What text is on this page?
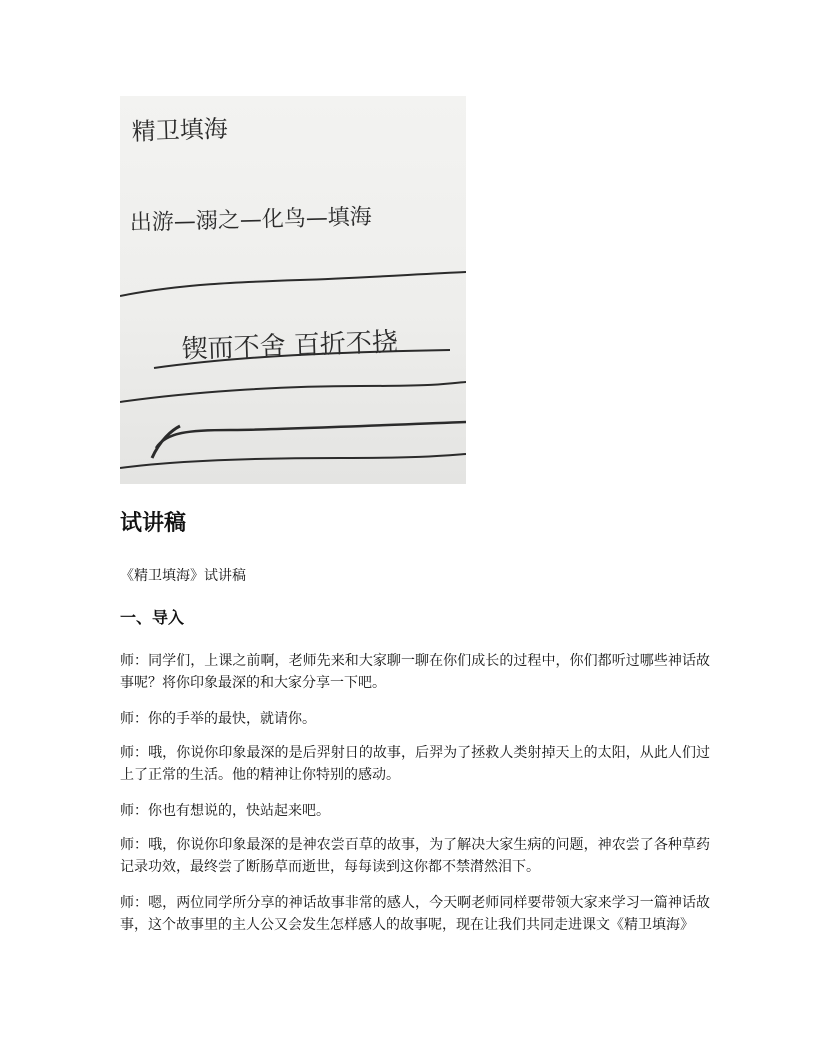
精卫填海
出游—溺之—化鸟—填海
锲而不舍 百折不挠
试讲稿

《精卫填海》试讲稿

一、导入

师：同学们，上课之前啊，老师先来和大家聊一聊在你们成长的过程中，你们都听过哪些神话故事呢？将你印象最深的和大家分享一下吧。

师：你的手举的最快，就请你。

师：哦，你说你印象最深的是后羿射日的故事，后羿为了拯救人类射掉天上的太阳，从此人们过上了正常的生活。他的精神让你特别的感动。

师：你也有想说的，快站起来吧。

师：哦，你说你印象最深的是神农尝百草的故事，为了解决大家生病的问题，神农尝了各种草药记录功效，最终尝了断肠草而逝世，每每读到这你都不禁潸然泪下。

师：嗯，两位同学所分享的神话故事非常的感人，今天啊老师同样要带领大家来学习一篇神话故事，这个故事里的主人公又会发生怎样感人的故事呢，现在让我们共同走进课文《精卫填海》
